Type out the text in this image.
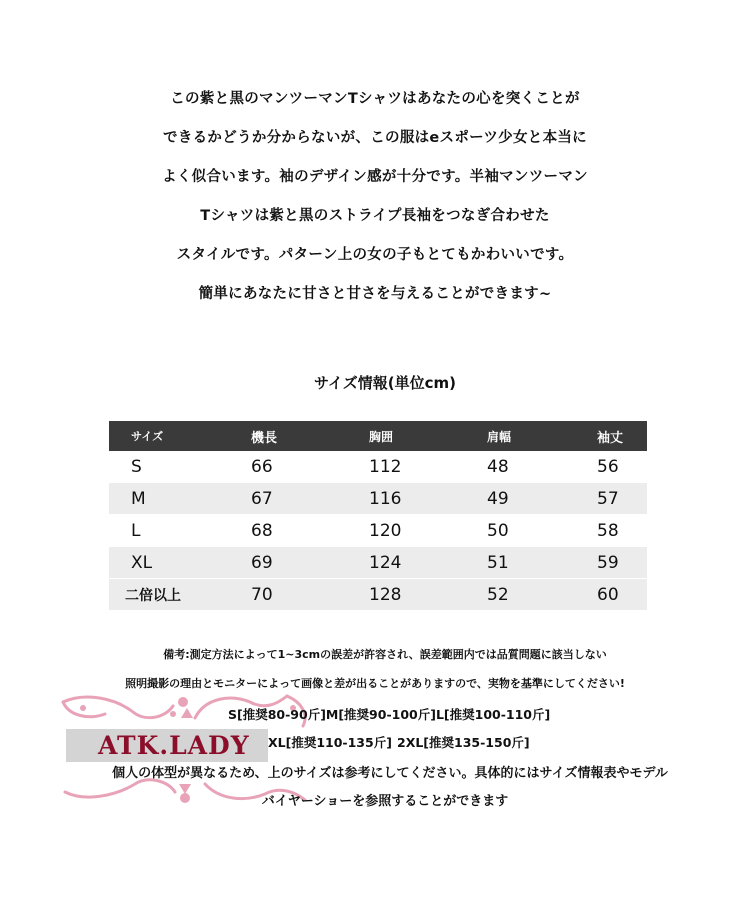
この紫と黒のマンツーマンTシャツはあなたの心を突くことが

できるかどうか分からないが、この服はeスポーツ少女と本当に

よく似合います。袖のデザイン感が十分です。半袖マンツーマン

Tシャツは紫と黒のストライプ長袖をつなぎ合わせた

スタイルです。パターン上の女の子もとてもかわいいです。

簡単にあなたに甘さと甘さを与えることができます~

サイズ情報(単位cm)
サイズ	機長	胸囲	肩幅	袖丈
S	66	112	48	56
M	67	116	49	57
L	68	120	50	58
XL	69	124	51	59
二倍以上	70	128	52	60
備考:測定方法によって1~3cmの誤差が許容され、誤差範囲内では品質問題に該当しない
照明撮影の理由とモニターによって画像と差が出ることがありますので、実物を基準にしてください!
ATK.LADY
S[推奨80-90斤]M[推奨90-100斤]L[推奨100-110斤]
XL[推奨110-135斤] 2XL[推奨135-150斤]
個人の体型が異なるため、上のサイズは参考にしてください。具体的にはサイズ情報表やモデル
バイヤーショーを参照することができます
